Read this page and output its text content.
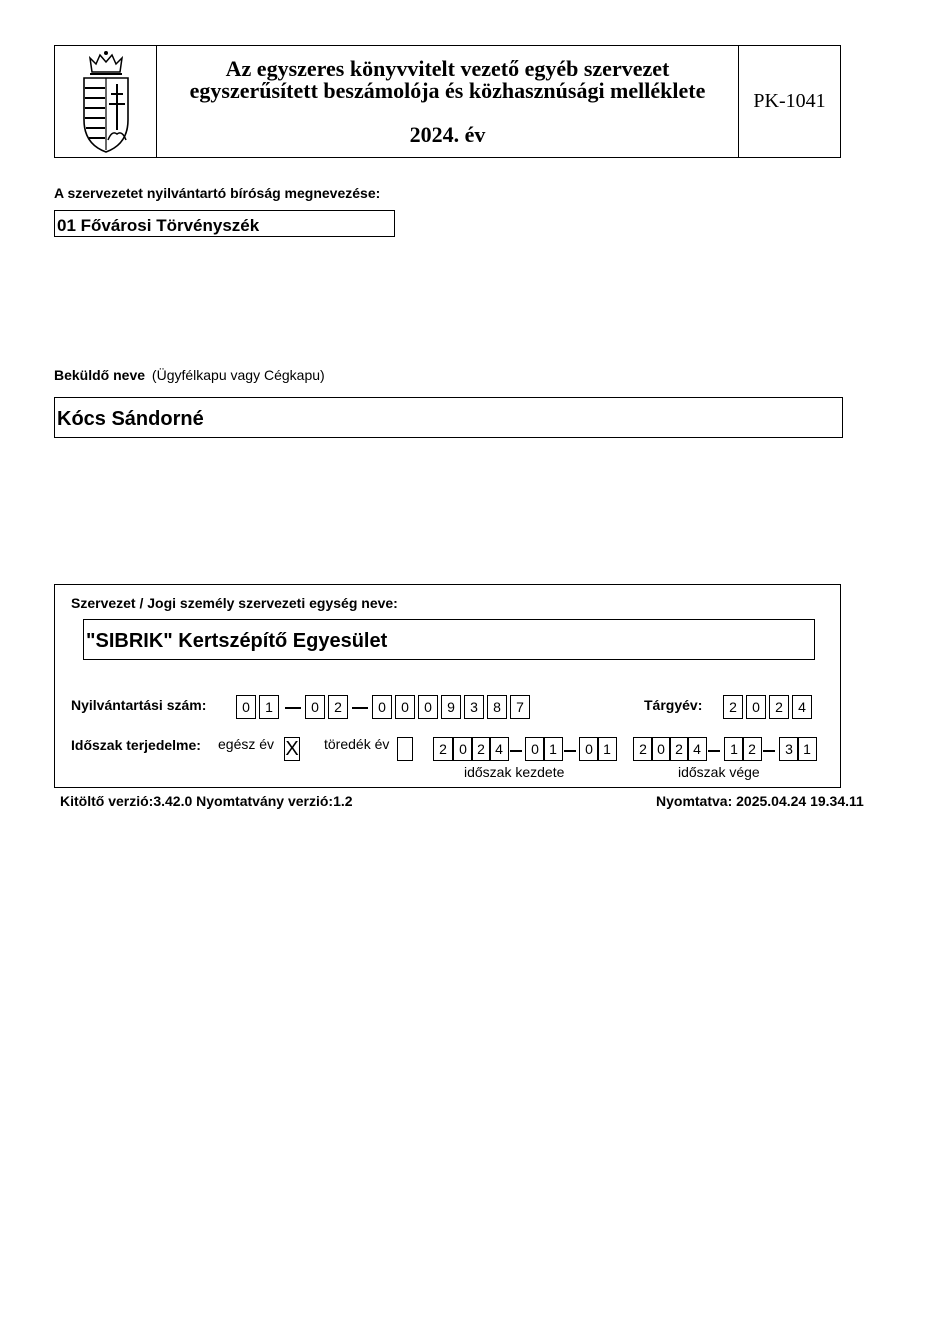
Az egyszeres könyvvitelt vezető egyéb szervezet
egyszerűsített beszámolója és közhasznúsági melléklete
2024. év
PK-1041
A szervezetet nyilvántartó bíróság megnevezése:
01 Fővárosi Törvényszék
Beküldő neve (Ügyfélkapu vagy Cégkapu)
Kócs Sándorné
Szervezet / Jogi személy szervezeti egység neve:
"SIBRIK" Kertszépítő Egyesület
Nyilvántartási szám:	0	1	0	2	0	0	0	9	3	8	7	Tárgyév:	2	0	2	4
Időszak terjedelme: egész év X töredék év	2 0 2 4	0 1	0 1	2 0 2 4	1 2	3 1
időszak kezdete	időszak vége
Kitöltő verzió:3.42.0 Nyomtatvány verzió:1.2	Nyomtatva: 2025.04.24 19.34.11
